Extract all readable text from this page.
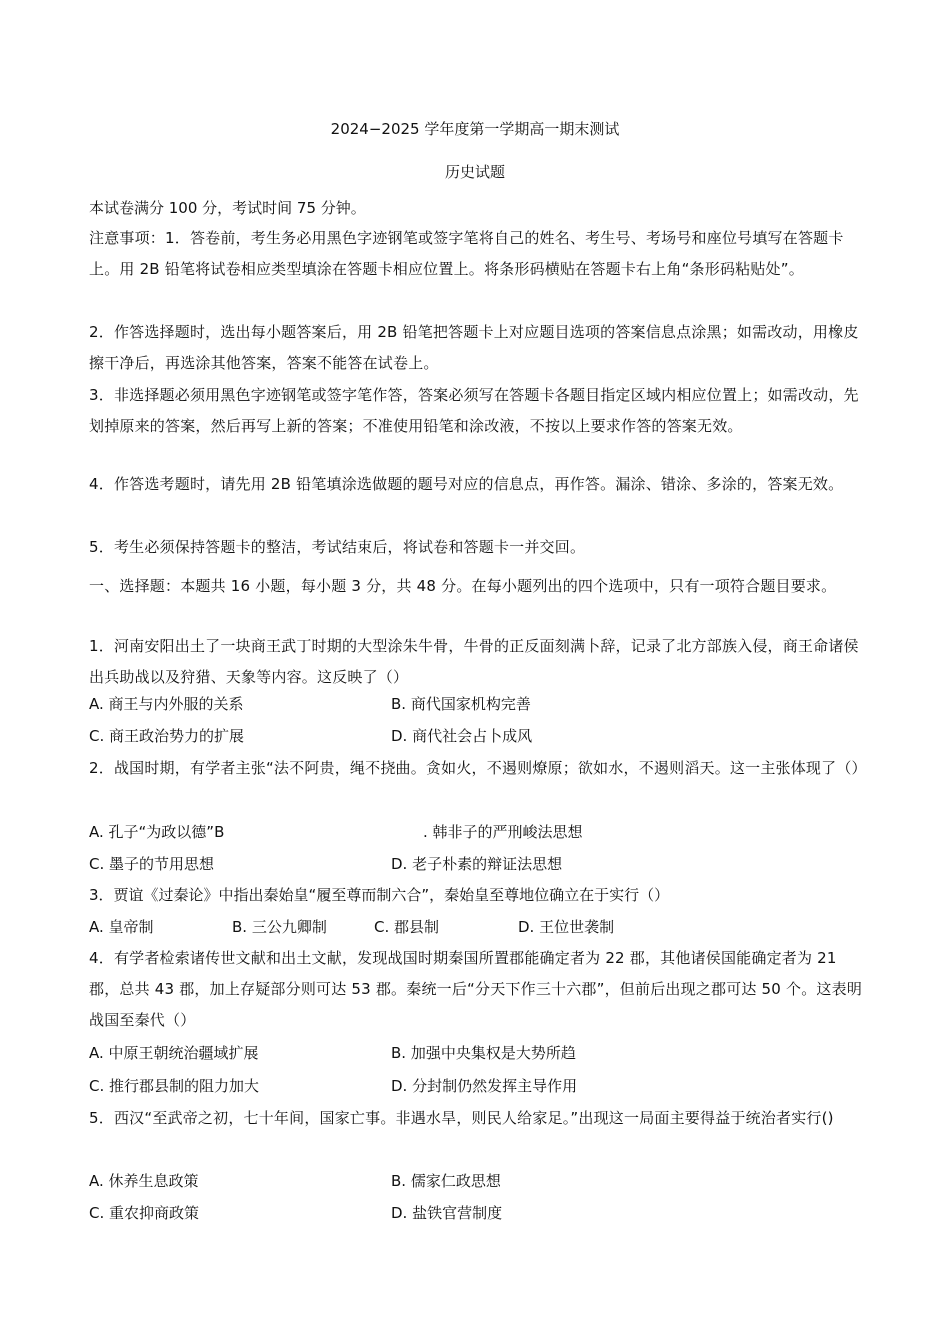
2024−2025 学年度第一学期高一期末测试
历史试题
本试卷满分 100 分，考试时间 75 分钟。
注意事项：1．答卷前，考生务必用黑色字迹钢笔或签字笔将自己的姓名、考生号、考场号和座位号填写在答题卡上。用 2B 铅笔将试卷相应类型填涂在答题卡相应位置上。将条形码横贴在答题卡右上角“条形码粘贴处”。
2．作答选择题时，选出每小题答案后，用 2B 铅笔把答题卡上对应题目选项的答案信息点涂黑；如需改动，用橡皮擦干净后，再选涂其他答案，答案不能答在试卷上。
3．非选择题必须用黑色字迹钢笔或签字笔作答，答案必须写在答题卡各题目指定区域内相应位置上；如需改动，先划掉原来的答案，然后再写上新的答案；不准使用铅笔和涂改液，不按以上要求作答的答案无效。
4．作答选考题时，请先用 2B 铅笔填涂选做题的题号对应的信息点，再作答。漏涂、错涂、多涂的，答案无效。
5．考生必须保持答题卡的整洁，考试结束后，将试卷和答题卡一并交回。
一、选择题：本题共 16 小题，每小题 3 分，共 48 分。在每小题列出的四个选项中，只有一项符合题目要求。
1．河南安阳出土了一块商王武丁时期的大型涂朱牛骨，牛骨的正反面刻满卜辞，记录了北方部族入侵，商王命诸侯出兵助战以及狩猎、天象等内容。这反映了（）
A. 商王与内外服的关系	B. 商代国家机构完善
C. 商王政治势力的扩展	D. 商代社会占卜成风
2．战国时期，有学者主张“法不阿贵，绳不挠曲。贪如火，不遏则燎原；欲如水，不遏则滔天。这一主张体现了（）
A. 孔子“为政以德”B	. 韩非子的严刑峻法思想
C. 墨子的节用思想	D. 老子朴素的辩证法思想
3．贾谊《过秦论》中指出秦始皇“履至尊而制六合”，秦始皇至尊地位确立在于实行（）
A. 皇帝制	B. 三公九卿制	C. 郡县制	D. 王位世袭制
4．有学者检索诸传世文献和出土文献，发现战国时期秦国所置郡能确定者为 22 郡，其他诸侯国能确定者为 21 郡，总共 43 郡，加上存疑部分则可达 53 郡。秦统一后“分天下作三十六郡”，但前后出现之郡可达 50 个。这表明战国至秦代（）
A. 中原王朝统治疆域扩展	B. 加强中央集权是大势所趋
C. 推行郡县制的阻力加大	D. 分封制仍然发挥主导作用
5．西汉“至武帝之初，七十年间，国家亡事。非遇水旱，则民人给家足。”出现这一局面主要得益于统治者实行()
A. 休养生息政策	B. 儒家仁政思想
C. 重农抑商政策	D. 盐铁官营制度
